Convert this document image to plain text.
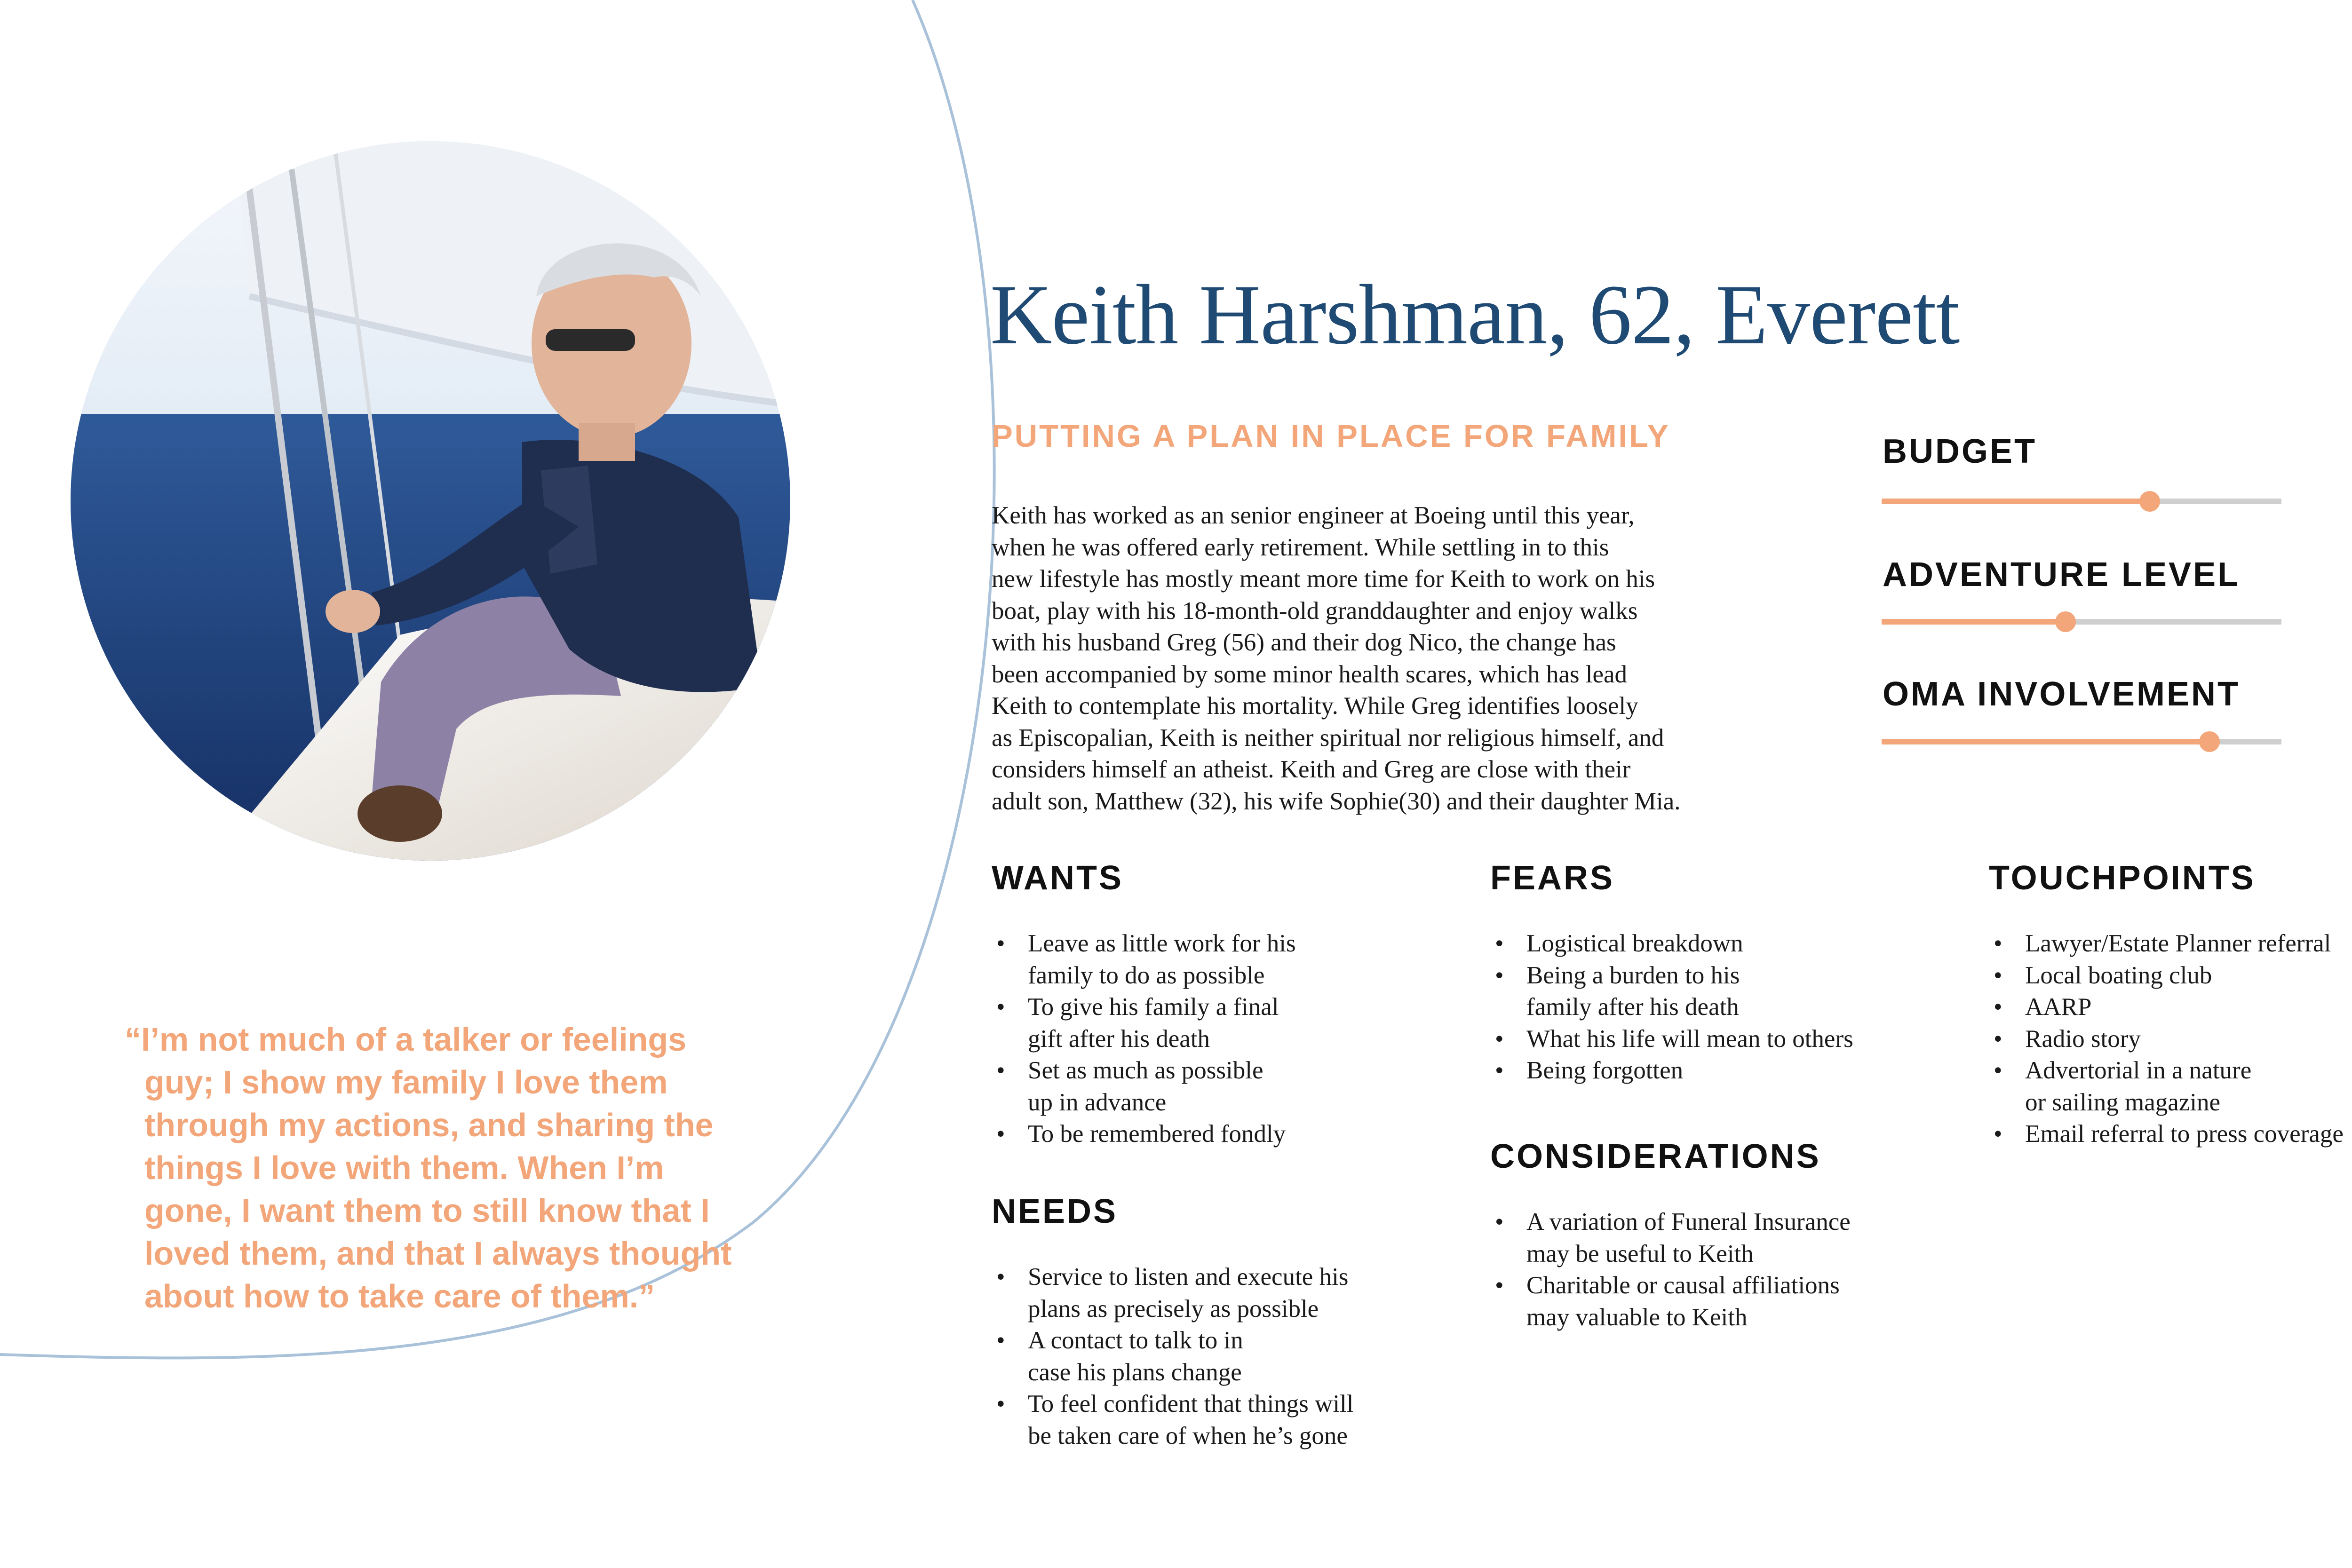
“I’m not much of a talker or feelings
guy; I show my family I love them
through my actions, and sharing the
things I love with them. When I’m
gone, I want them to still know that I
loved them, and that I always thought
about how to take care of them.”
Keith Harshman, 62, Everett
PUTTING A PLAN IN PLACE FOR FAMILY

Keith has worked as an senior engineer at Boeing until this year,
when he was offered early retirement. While settling in to this
new lifestyle has mostly meant more time for Keith to work on his
boat, play with his 18-month-old granddaughter and enjoy walks
with his husband Greg (56) and their dog Nico, the change has
been accompanied by some minor health scares, which has lead
Keith to contemplate his mortality. While Greg identifies loosely
as Episcopalian, Keith is neither spiritual nor religious himself, and
considers himself an atheist. Keith and Greg are close with their
adult son, Matthew (32), his wife Sophie(30) and their daughter Mia.

BUDGET
ADVENTURE LEVEL
OMA INVOLVEMENT
WANTS
NEEDS
FEARS
CONSIDERATIONS
TOUCHPOINTS
• Leave as little work for his
family to do as possible
• To give his family a final
gift after his death
• Set as much as possible
up in advance
• To be remembered fondly
• Service to listen and execute his
plans as precisely as possible
• A contact to talk to in
case his plans change
• To feel confident that things will
be taken care of when he’s gone
• Logistical breakdown
• Being a burden to his
family after his death
• What his life will mean to others
• Being forgotten
• A variation of Funeral Insurance
may be useful to Keith
• Charitable or causal affiliations
may valuable to Keith
• Lawyer/Estate Planner referral
• Local boating club
• AARP
• Radio story
• Advertorial in a nature
or sailing magazine
• Email referral to press coverage
